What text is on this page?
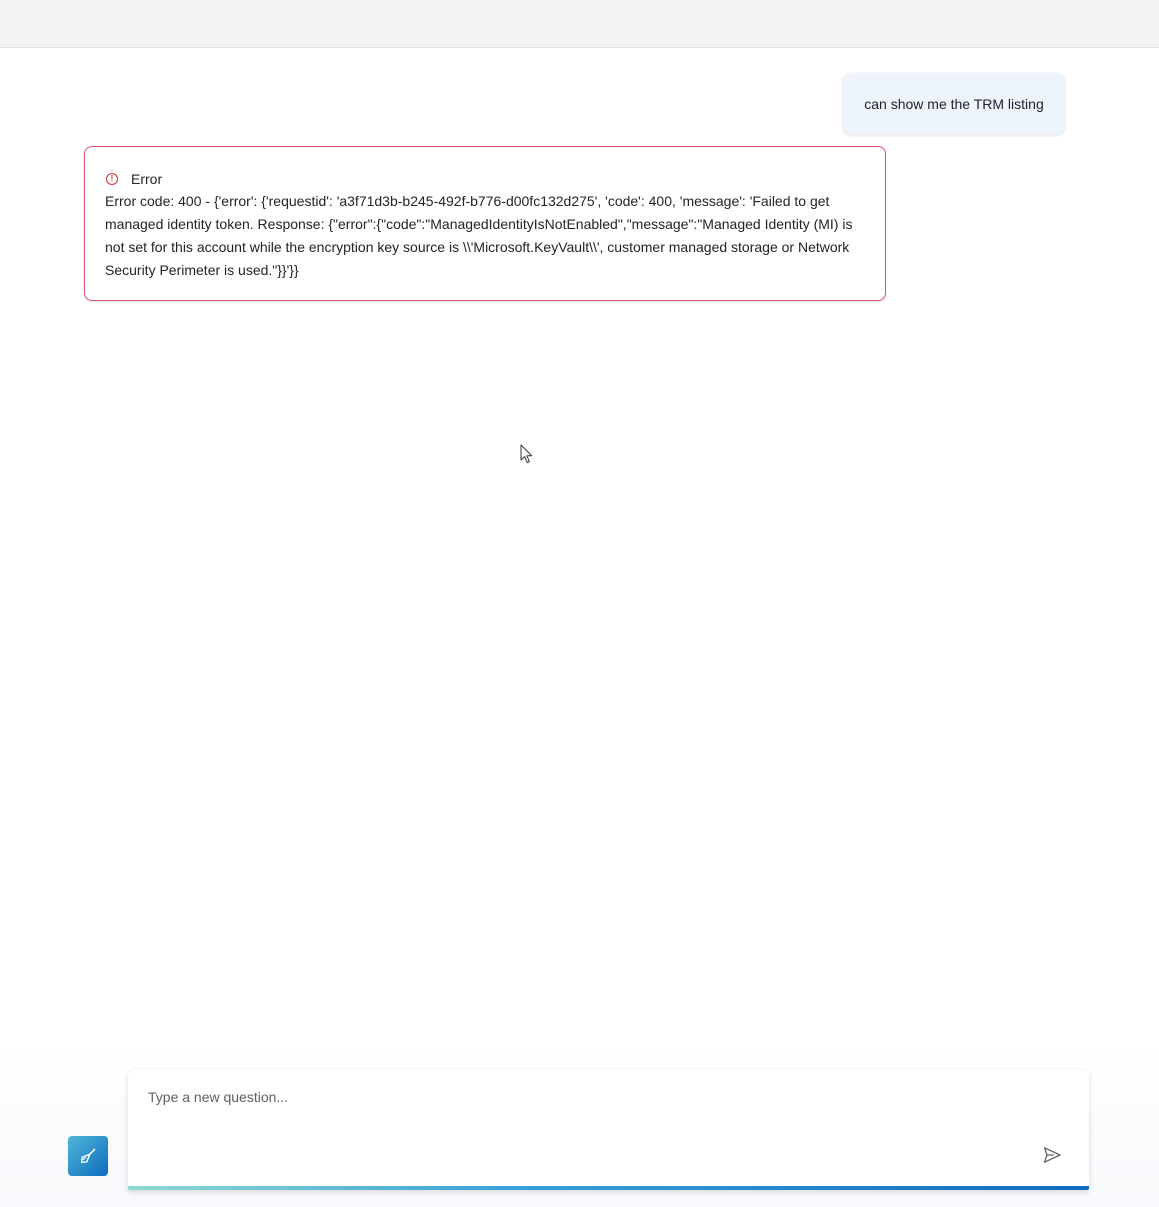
can show me the TRM listing
!	Error
Error code: 400 - {'error': {'requestid': 'a3f71d3b-b245-492f-b776-d00fc132d275', 'code': 400, 'message': 'Failed to get managed identity token. Response: {"error":{"code":"ManagedIdentityIsNotEnabled","message":"Managed Identity (MI) is not set for this account while the encryption key source is \\'Microsoft.KeyVault\\', customer managed storage or Network Security Perimeter is used."}}'}}
Type a new question...
